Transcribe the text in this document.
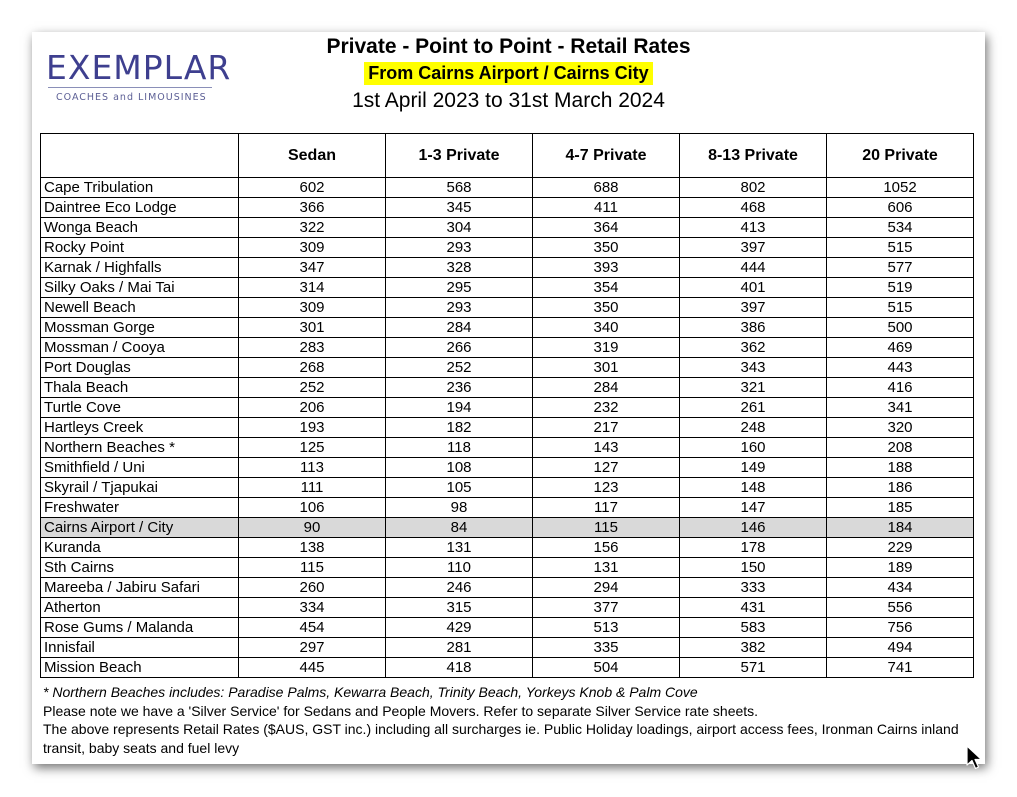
EXEMPLAR
COACHES and LIMOUSINES
Private - Point to Point - Retail Rates
From Cairns Airport / Cairns City
1st April 2023 to 31st March 2024
	Sedan	1-3 Private	4-7 Private	8-13 Private	20 Private
Cape Tribulation	602	568	688	802	1052
Daintree Eco Lodge	366	345	411	468	606
Wonga Beach	322	304	364	413	534
Rocky Point	309	293	350	397	515
Karnak / Highfalls	347	328	393	444	577
Silky Oaks / Mai Tai	314	295	354	401	519
Newell Beach	309	293	350	397	515
Mossman Gorge	301	284	340	386	500
Mossman / Cooya	283	266	319	362	469
Port Douglas	268	252	301	343	443
Thala Beach	252	236	284	321	416
Turtle Cove	206	194	232	261	341
Hartleys Creek	193	182	217	248	320
Northern Beaches *	125	118	143	160	208
Smithfield / Uni	113	108	127	149	188
Skyrail / Tjapukai	111	105	123	148	186
Freshwater	106	98	117	147	185
Cairns Airport / City	90	84	115	146	184
Kuranda	138	131	156	178	229
Sth Cairns	115	110	131	150	189
Mareeba / Jabiru Safari	260	246	294	333	434
Atherton	334	315	377	431	556
Rose Gums / Malanda	454	429	513	583	756
Innisfail	297	281	335	382	494
Mission Beach	445	418	504	571	741
* Northern Beaches includes: Paradise Palms, Kewarra Beach, Trinity Beach, Yorkeys Knob & Palm Cove
Please note we have a 'Silver Service' for Sedans and People Movers. Refer to separate Silver Service rate sheets.
The above represents Retail Rates ($AUS, GST inc.) including all surcharges ie. Public Holiday loadings, airport access fees, Ironman Cairns inland transit, baby seats and fuel levy
